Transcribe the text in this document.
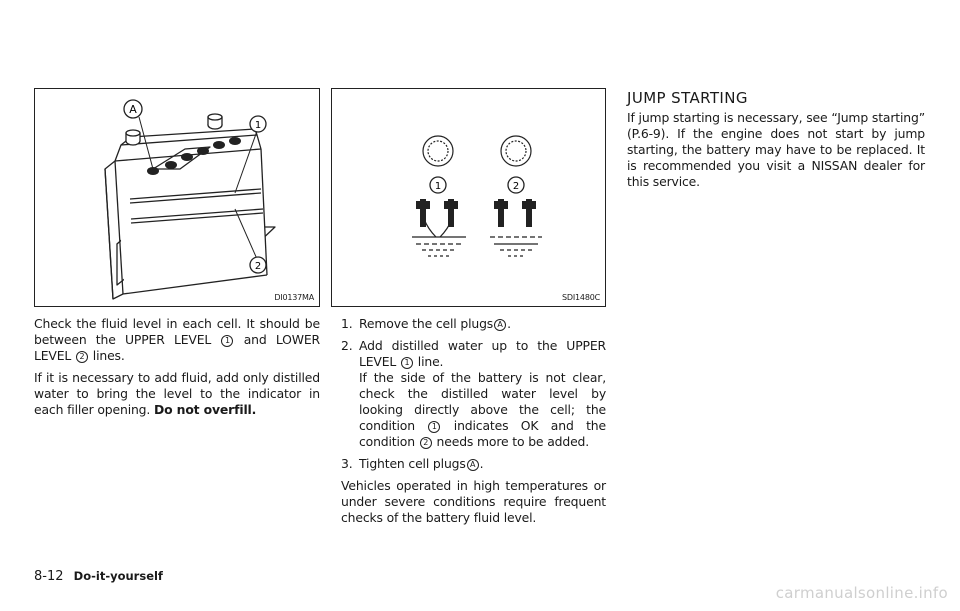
A
1
2
DI0137MA
1	2
SDI1480C

Check the fluid level in each cell. It should be between the UPPER LEVEL 1 and LOWER LEVEL 2 lines.

If it is necessary to add fluid, add only distilled water to bring the level to the indicator in each filler opening. Do not overfill.

1. Remove the cell plugs A .
2. Add distilled water up to the UPPER LEVEL 1 line.

If the side of the battery is not clear, check the distilled water level by looking directly above the cell; the condition 1 indicates OK and the condition 2 needs more to be added.

3. Tighten cell plugs A .

Vehicles operated in high temperatures or under severe conditions require frequent checks of the battery fluid level.

JUMP STARTING

If jump starting is necessary, see “Jump starting” (P.6-9). If the engine does not start by jump starting, the battery may have to be replaced. It is recommended you visit a NISSAN dealer for this service.

8-12 Do-it-yourself
carmanualsonline.info
